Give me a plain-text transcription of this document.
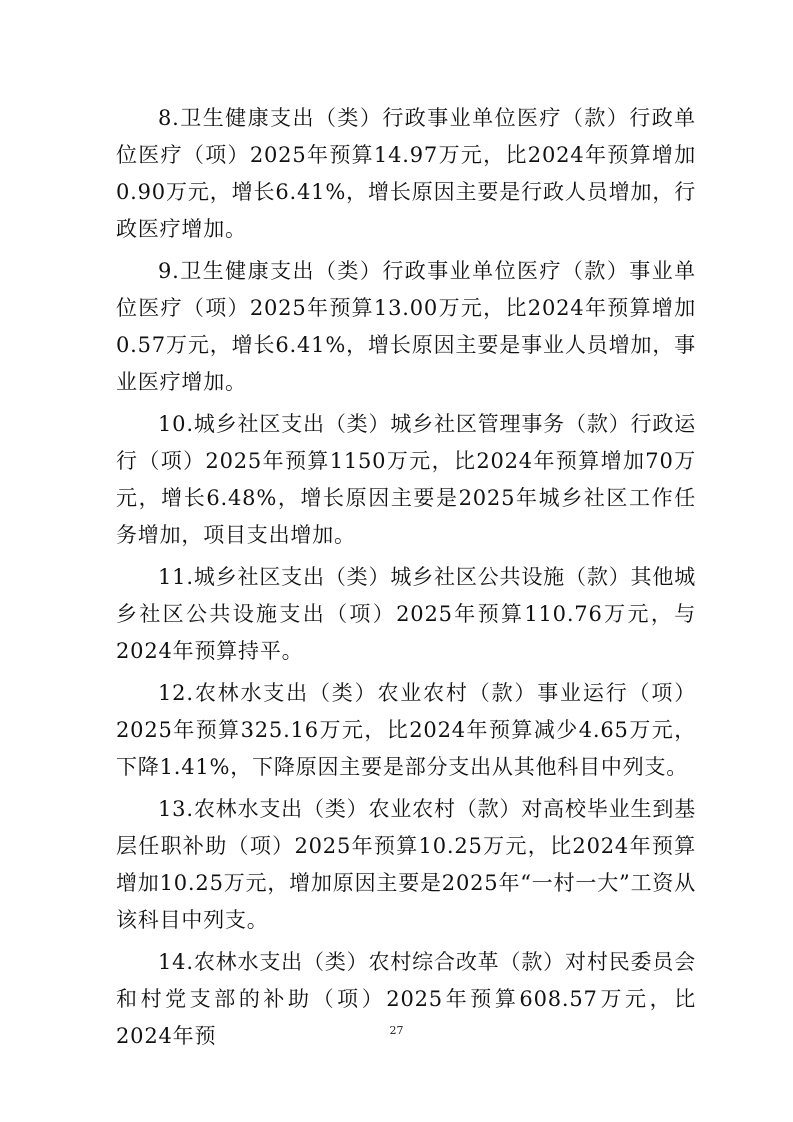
8.卫生健康支出（类）行政事业单位医疗（款）行政单位医疗（项）2025年预算14.97万元，比2024年预算增加0.90万元，增长6.41%，增长原因主要是行政人员增加，行政医疗增加。

9.卫生健康支出（类）行政事业单位医疗（款）事业单位医疗（项）2025年预算13.00万元，比2024年预算增加0.57万元，增长6.41%，增长原因主要是事业人员增加，事业医疗增加。

10.城乡社区支出（类）城乡社区管理事务（款）行政运行（项）2025年预算1150万元，比2024年预算增加70万元，增长6.48%，增长原因主要是2025年城乡社区工作任务增加，项目支出增加。

11.城乡社区支出（类）城乡社区公共设施（款）其他城乡社区公共设施支出（项）2025年预算110.76万元，与2024年预算持平。

12.农林水支出（类）农业农村（款）事业运行（项）2025年预算325.16万元，比2024年预算减少4.65万元，下降1.41%，下降原因主要是部分支出从其他科目中列支。

13.农林水支出（类）农业农村（款）对高校毕业生到基层任职补助（项）2025年预算10.25万元，比2024年预算增加10.25万元，增加原因主要是2025年“一村一大”工资从该科目中列支。

14.农林水支出（类）农村综合改革（款）对村民委员会和村党支部的补助（项）2025年预算608.57万元，比2024年预	27
